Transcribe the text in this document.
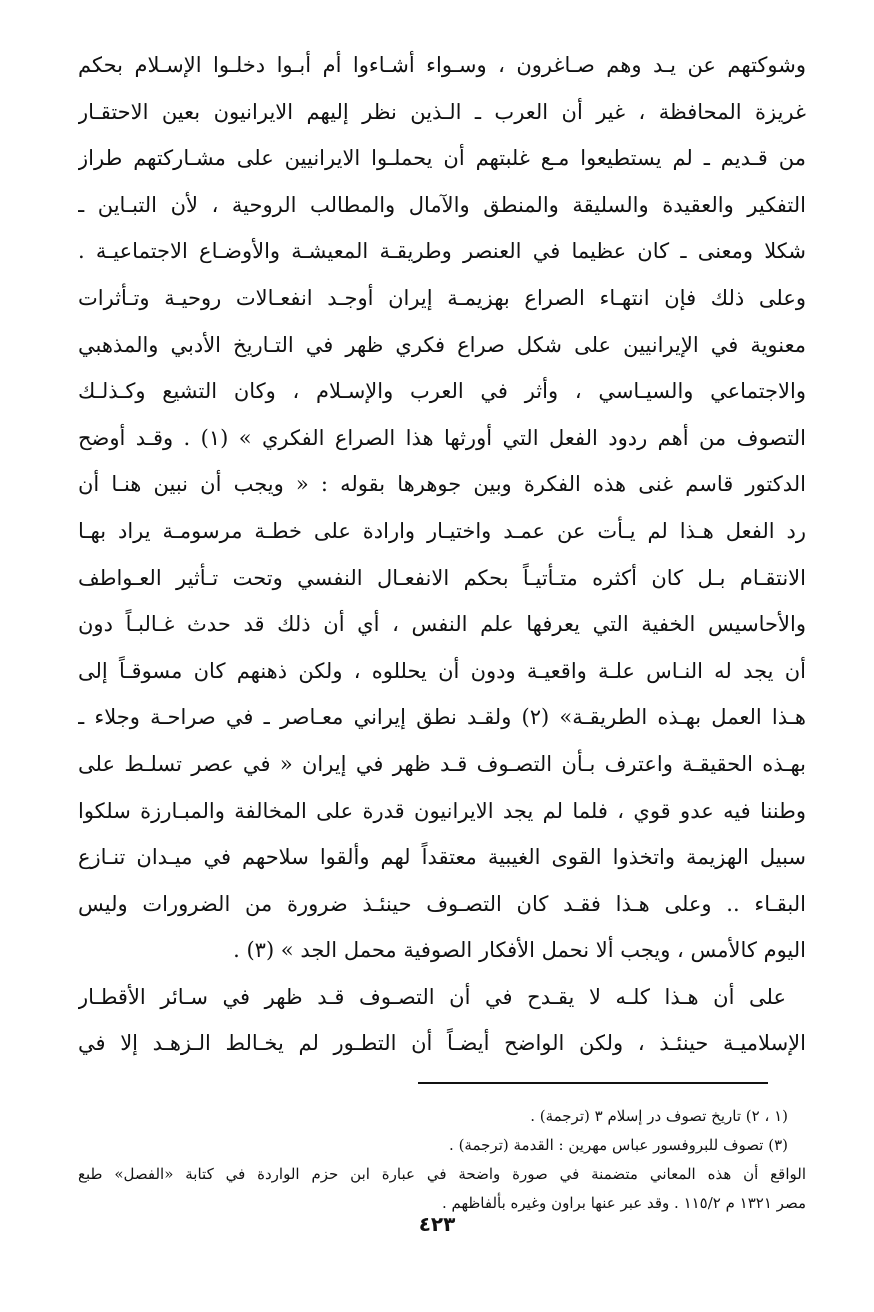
وشوكتهم عن يـد وهم صـاغرون ، وسـواء أشـاءوا أم أبـوا دخلـوا الإسـلام بحكم
غريزة المحافظة ، غير أن العرب ـ الـذين نظر إليهم الايرانيون بعين الاحتقـار
من قـديم ـ لم يستطيعوا مـع غلبتهم أن يحملـوا الايرانيين على مشـاركتهم طراز
التفكير والعقيدة والسليقة والمنطق والآمال والمطالب الروحية ، لأن التبـاين ـ
شكلا ومعنى ـ كان عظيما في العنصر وطريقـة المعيشـة والأوضـاع الاجتماعيـة .
وعلى ذلك فإن انتهـاء الصراع بهزيمـة إيران أوجـد انفعـالات روحيـة وتـأثرات
معنوية في الإيرانيين على شكل صراع فكري ظهر في التـاريخ الأدبي والمذهبي
والاجتماعي والسيـاسي ، وأثر في العرب والإسـلام ، وكان التشيع وكـذلـك
التصوف من أهم ردود الفعل التي أورثها هذا الصراع الفكري » (١) . وقـد أوضح
الدكتور قاسم غنى هذه الفكرة وبين جوهرها بقوله : « ويجب أن نبين هنـا أن
رد الفعل هـذا لم يـأت عن عمـد واختيـار وارادة على خطـة مرسومـة يراد بهـا
الانتقـام بـل كان أكثره متـأتيـاً بحكم الانفعـال النفسي وتحت تـأثير العـواطف
والأحاسيس الخفية التي يعرفها علم النفس ، أي أن ذلك قد حدث غـالبـاً دون
أن يجد له النـاس علـة واقعيـة ودون أن يحللوه ، ولكن ذهنهم كان مسوقـاً إلى
هـذا العمل بهـذه الطريقـة» (٢) ولقـد نطق إيراني معـاصر ـ في صراحـة وجلاء ـ
بهـذه الحقيقـة واعترف بـأن التصـوف قـد ظهر في إيران « في عصر تسلـط على
وطننا فيه عدو قوي ، فلما لم يجد الايرانيون قدرة على المخالفة والمبـارزة سلكوا
سبيل الهزيمة واتخذوا القوى الغيبية معتقداً لهم وألقوا سلاحهم في ميـدان تنـازع
البقـاء .. وعلى هـذا فقـد كان التصـوف حينئـذ ضرورة من الضرورات وليس
اليوم كالأمس ، ويجب ألا نحمل الأفكار الصوفية محمل الجد » (٣) .
على أن هـذا كلـه لا يقـدح في أن التصـوف قـد ظهر في سـائر الأقطـار
الإسلاميـة حينئـذ ، ولكن الواضح أيضـاً أن التطـور لم يخـالط الـزهـد إلا في
(١ ، ٢) تاريخ تصوف در إسلام ٣ (ترجمة) .
(٣) تصوف للبروفسور عباس مهرين : القدمة (ترجمة) .
الواقع أن هذه المعاني متضمنة في صورة واضحة في عبارة ابن حزم الواردة في كتابة «الفصل» طبع
مصر ١٣٢١ م ١١٥/٢ . وقد عبر عنها براون وغيره بألفاظهم .
٤٢٣
